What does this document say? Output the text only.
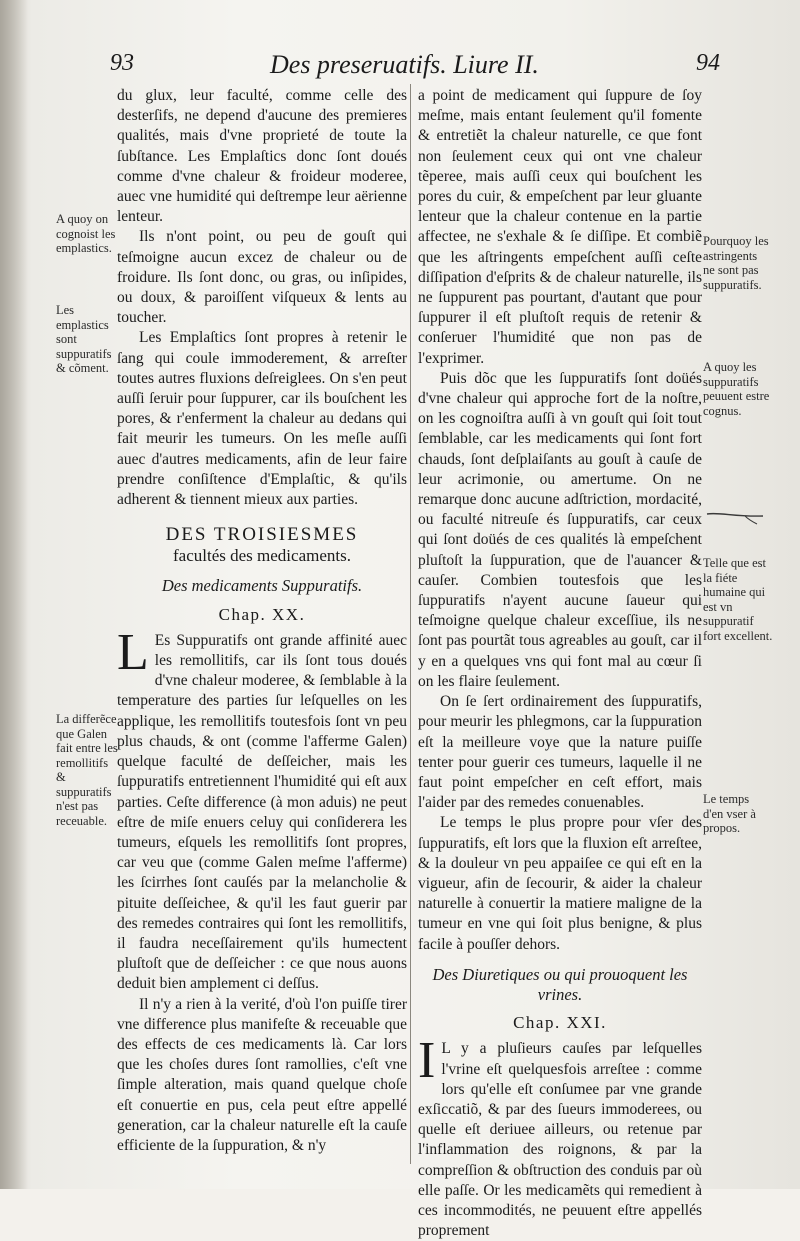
93	Des preseruatifs. Liure II.	94

du glux, leur faculté, comme celle des desterſifs, ne depend d'aucune des premieres qualités, mais d'vne proprieté de toute la ſubſtance. Les Emplaſtics donc ſont doués comme d'vne chaleur & froideur moderee, auec vne humidité qui deſtrempe leur aërienne lenteur.

Ils n'ont point, ou peu de gouſt qui teſmoigne aucun excez de chaleur ou de froidure. Ils ſont donc, ou gras, ou inſipides, ou doux, & paroiſſent viſqueux & lents au toucher.

Les Emplaſtics ſont propres à retenir le ſang qui coule immoderement, & arreſter toutes autres fluxions deſreiglees. On s'en peut auſſi ſeruir pour ſuppurer, car ils bouſchent les pores, & r'enferment la chaleur au dedans qui fait meurir les tumeurs. On les meſle auſſi auec d'autres medicaments, afin de leur faire prendre conſiſtence d'Emplaſtic, & qu'ils adherent & tiennent mieux aux parties.

DES TROISIESMES
facultés des medicaments.
Des medicaments Suppuratifs.
Chap. XX.

L Es Suppuratifs ont grande affinité auec les remollitifs, car ils ſont tous doués d'vne chaleur moderee, & ſemblable à la temperature des parties ſur leſquelles on les applique, les remollitifs toutesfois ſont vn peu plus chauds, & ont (comme l'afferme Galen) quelque faculté de deſſeicher, mais les ſuppuratifs entretiennent l'humidité qui eſt aux parties. Ceſte difference (à mon aduis) ne peut eſtre de miſe enuers celuy qui conſiderera les tumeurs, eſquels les remollitifs ſont propres, car veu que (comme Galen meſme l'afferme) les ſcirrhes ſont cauſés par la melancholie & pituite deſſeichee, & qu'il les faut guerir par des remedes contraires qui ſont les remollitifs, il faudra neceſſairement qu'ils humectent pluſtoſt que de deſſeicher : ce que nous auons deduit bien amplement ci deſſus.

Il n'y a rien à la verité, d'où l'on puiſſe tirer vne difference plus manifeſte & receuable que des effects de ces medicaments là. Car lors que les choſes dures ſont ramollies, c'eſt vne ſimple alteration, mais quand quelque choſe eſt conuertie en pus, cela peut eſtre appellé generation, car la chaleur naturelle eſt la cauſe efficiente de la ſuppuration, & n'y

a point de medicament qui ſuppure de ſoy meſme, mais entant ſeulement qu'il fomente & entretiẽt la chaleur naturelle, ce que font non ſeulement ceux qui ont vne chaleur tẽperee, mais auſſi ceux qui bouſchent les pores du cuir, & empeſchent par leur gluante lenteur que la chaleur contenue en la partie affectee, ne s'exhale & ſe diſſipe. Et combiẽ que les aſtringents empeſchent auſſi ceſte diſſipation d'eſprits & de chaleur naturelle, ils ne ſuppurent pas pourtant, d'autant que pour ſuppurer il eſt pluſtoſt requis de retenir & conſeruer l'humidité que non pas de l'exprimer.

Puis dõc que les ſuppuratifs ſont doüés d'vne chaleur qui approche fort de la noſtre, on les cognoiſtra auſſi à vn gouſt qui ſoit tout ſemblable, car les medicaments qui ſont fort chauds, ſont deſplaiſants au gouſt à cauſe de leur acrimonie, ou amertume. On ne remarque donc aucune adſtriction, mordacité, ou faculté nitreuſe és ſuppuratifs, car ceux qui ſont doüés de ces qualités là empeſchent pluſtoſt la ſuppuration, que de l'auancer & cauſer. Combien toutesfois que les ſuppuratifs n'ayent aucune ſaueur qui teſmoigne quelque chaleur exceſſiue, ils ne ſont pas pourtãt tous agreables au gouſt, car il y en a quelques vns qui font mal au cœur ſi on les flaire ſeulement.

On ſe ſert ordinairement des ſuppuratifs, pour meurir les phlegmons, car la ſuppuration eſt la meilleure voye que la nature puiſſe tenter pour guerir ces tumeurs, laquelle il ne faut point empeſcher en ceſt effort, mais l'aider par des remedes conuenables.

Le temps le plus propre pour vſer des ſuppuratifs, eſt lors que la fluxion eſt arreſtee, & la douleur vn peu appaiſee ce qui eſt en la vigueur, afin de ſecourir, & aider la chaleur naturelle à conuertir la matiere maligne de la tumeur en vne qui ſoit plus benigne, & plus facile à pouſſer dehors.

Des Diuretiques ou qui prouoquent les vrines.
Chap. XXI.

I L y a pluſieurs cauſes par leſquelles l'vrine eſt quelquesfois arreſtee : comme lors qu'elle eſt conſumee par vne grande exſiccatiõ, & par des ſueurs immoderees, ou quelle eſt deriuee ailleurs, ou retenue par l'inflammation des roignons, & par la compreſſion & obſtruction des conduis par où elle paſſe. Or les medicamẽts qui remedient à ces incommodités, ne peuuent eſtre appellés proprement

A quoy on cognoist les emplastics.
Les emplastics sont suppuratifs & cõment.
La differẽce que Galen fait entre les remollitifs & suppuratifs n'est pas receuable.
Pourquoy les astringents ne sont pas suppuratifs.
A quoy les suppuratifs peuuent estre cognus.
Telle que est la fiéte humaine qui est vn suppuratif fort excellent.
Le temps d'en vser à propos.
